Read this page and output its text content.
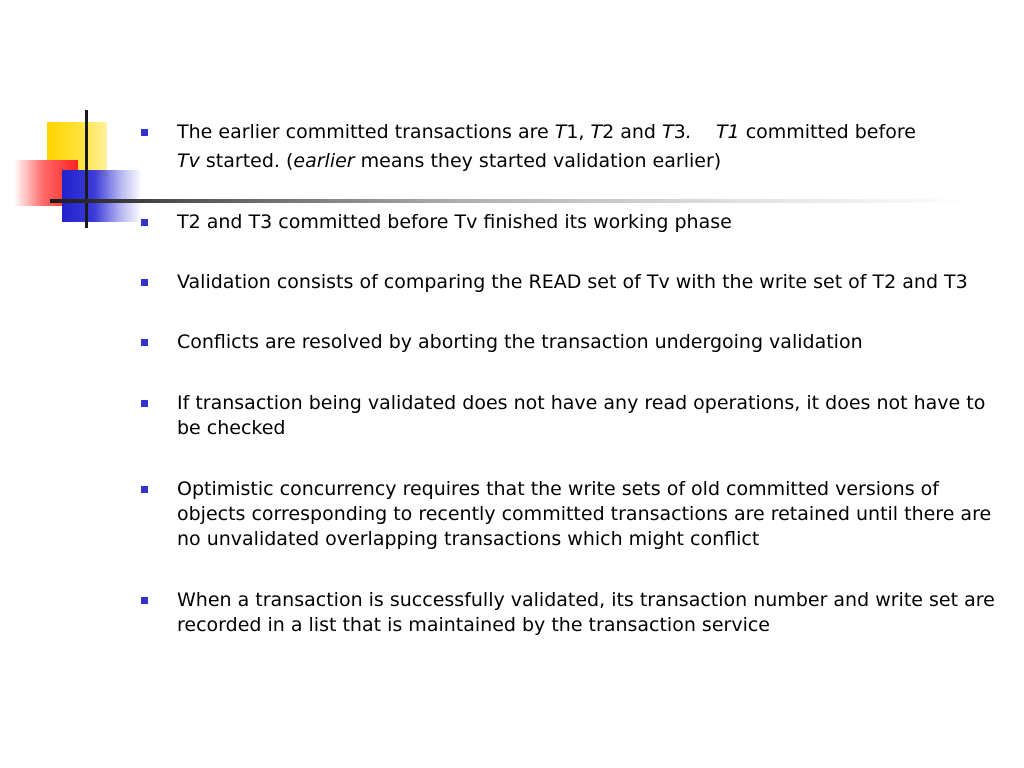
The earlier committed transactions are T1, T2 and T3. T1 committed before
Tv started. (earlier means they started validation earlier)
T2 and T3 committed before Tv finished its working phase
Validation consists of comparing the READ set of Tv with the write set of T2 and T3
Conflicts are resolved by aborting the transaction undergoing validation
If transaction being validated does not have any read operations, it does not have to be checked
Optimistic concurrency requires that the write sets of old committed versions of objects corresponding to recently committed transactions are retained until there are no unvalidated overlapping transactions which might conflict
When a transaction is successfully validated, its transaction number and write set are recorded in a list that is maintained by the transaction service
